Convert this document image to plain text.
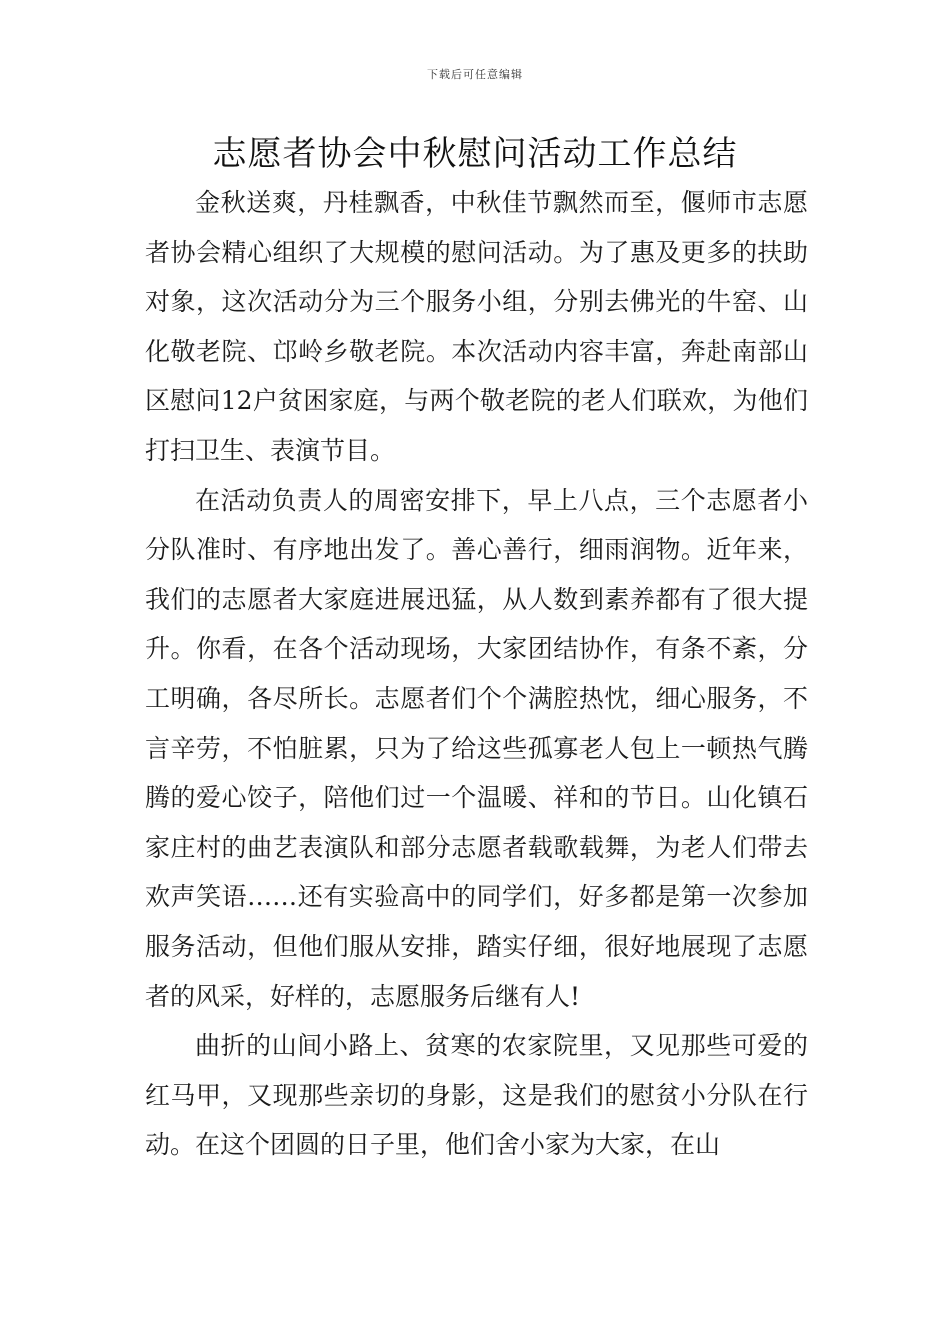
下载后可任意编辑
志愿者协会中秋慰问活动工作总结

金秋送爽，丹桂飘香，中秋佳节飘然而至，偃师市志愿者协会精心组织了大规模的慰问活动。为了惠及更多的扶助对象，这次活动分为三个服务小组，分别去佛光的牛窑、山化敬老院、邙岭乡敬老院。本次活动内容丰富，奔赴南部山区慰问12户贫困家庭，与两个敬老院的老人们联欢，为他们打扫卫生、表演节目。

在活动负责人的周密安排下，早上八点，三个志愿者小分队准时、有序地出发了。善心善行，细雨润物。近年来，我们的志愿者大家庭进展迅猛，从人数到素养都有了很大提升。你看，在各个活动现场，大家团结协作，有条不紊，分工明确，各尽所长。志愿者们个个满腔热忱，细心服务，不言辛劳，不怕脏累，只为了给这些孤寡老人包上一顿热气腾腾的爱心饺子，陪他们过一个温暖、祥和的节日。山化镇石家庄村的曲艺表演队和部分志愿者载歌载舞，为老人们带去欢声笑语……还有实验高中的同学们，好多都是第一次参加服务活动，但他们服从安排，踏实仔细，很好地展现了志愿者的风采，好样的，志愿服务后继有人!

曲折的山间小路上、贫寒的农家院里，又见那些可爱的红马甲，又现那些亲切的身影，这是我们的慰贫小分队在行动。在这个团圆的日子里，他们舍小家为大家，在山
